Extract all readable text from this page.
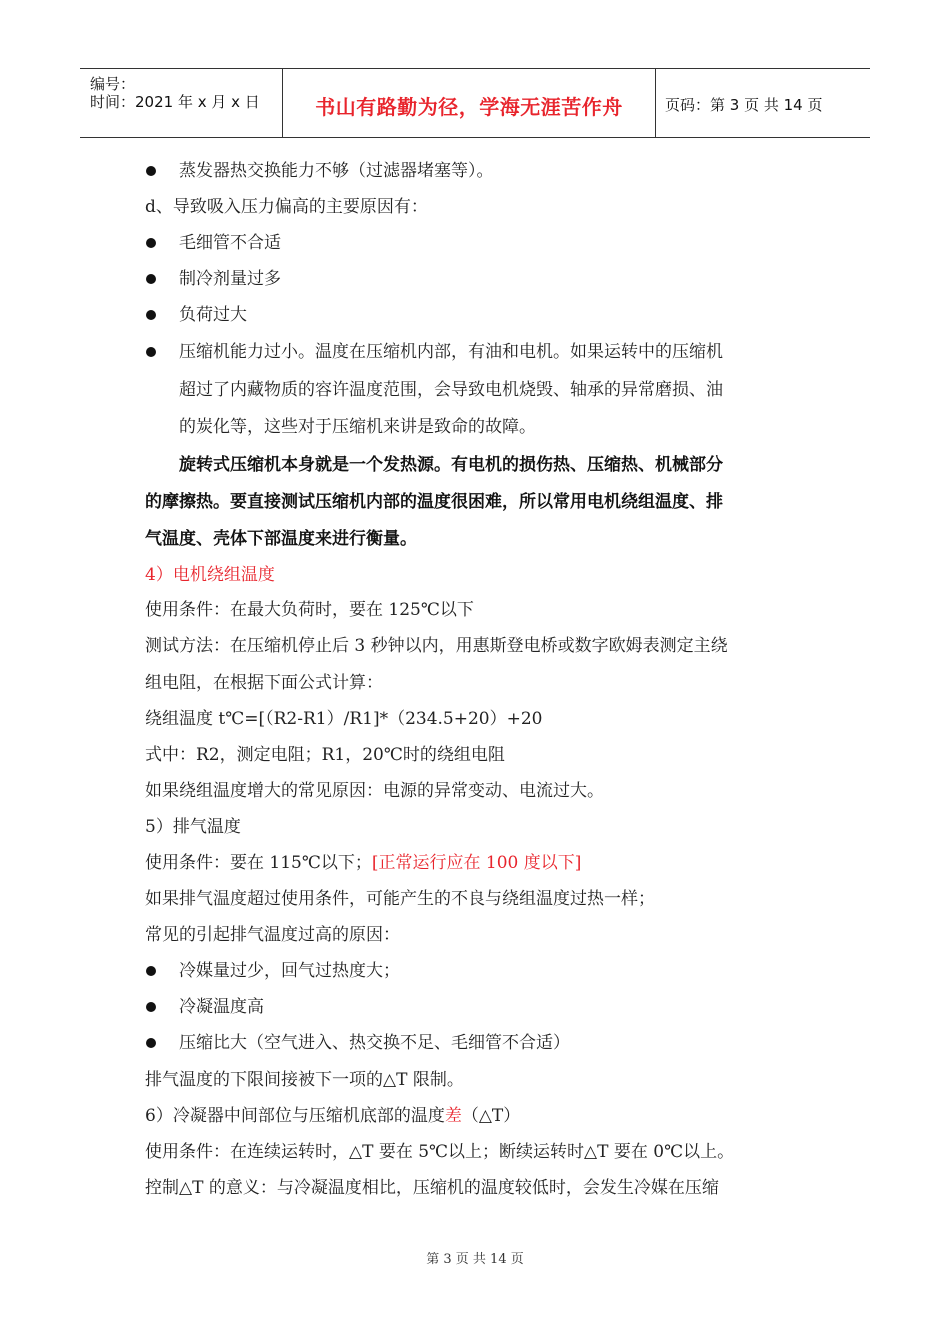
编号：
时间：2021 年 x 月 x 日	书山有路勤为径，学海无涯苦作舟	页码：第 3 页 共 14 页
蒸发器热交换能力不够（过滤器堵塞等）。
d、导致吸入压力偏高的主要原因有：
毛细管不合适
制冷剂量过多
负荷过大
压缩机能力过小。温度在压缩机内部，有油和电机。如果运转中的压缩机
超过了内藏物质的容许温度范围，会导致电机烧毁、轴承的异常磨损、油
的炭化等，这些对于压缩机来讲是致命的故障。
旋转式压缩机本身就是一个发热源。有电机的损伤热、压缩热、机械部分
的摩擦热。要直接测试压缩机内部的温度很困难，所以常用电机绕组温度、排
气温度、壳体下部温度来进行衡量。
4）电机绕组温度
使用条件：在最大负荷时，要在 125℃以下
测试方法：在压缩机停止后 3 秒钟以内，用惠斯登电桥或数字欧姆表测定主绕
组电阻，在根据下面公式计算：
绕组温度 t℃=[（R2-R1）/R1]*（234.5+20）+20
式中：R2，测定电阻；R1，20℃时的绕组电阻
如果绕组温度增大的常见原因：电源的异常变动、电流过大。
5）排气温度
使用条件：要在 115℃以下；[正常运行应在 100 度以下]
如果排气温度超过使用条件，可能产生的不良与绕组温度过热一样；
常见的引起排气温度过高的原因：
冷媒量过少，回气过热度大；
冷凝温度高
压缩比大（空气进入、热交换不足、毛细管不合适）
排气温度的下限间接被下一项的△T 限制。
6）冷凝器中间部位与压缩机底部的温度差（△T）
使用条件：在连续运转时，△T 要在 5℃以上；断续运转时△T 要在 0℃以上。
控制△T 的意义：与冷凝温度相比，压缩机的温度较低时，会发生冷媒在压缩
第 3 页 共 14 页
